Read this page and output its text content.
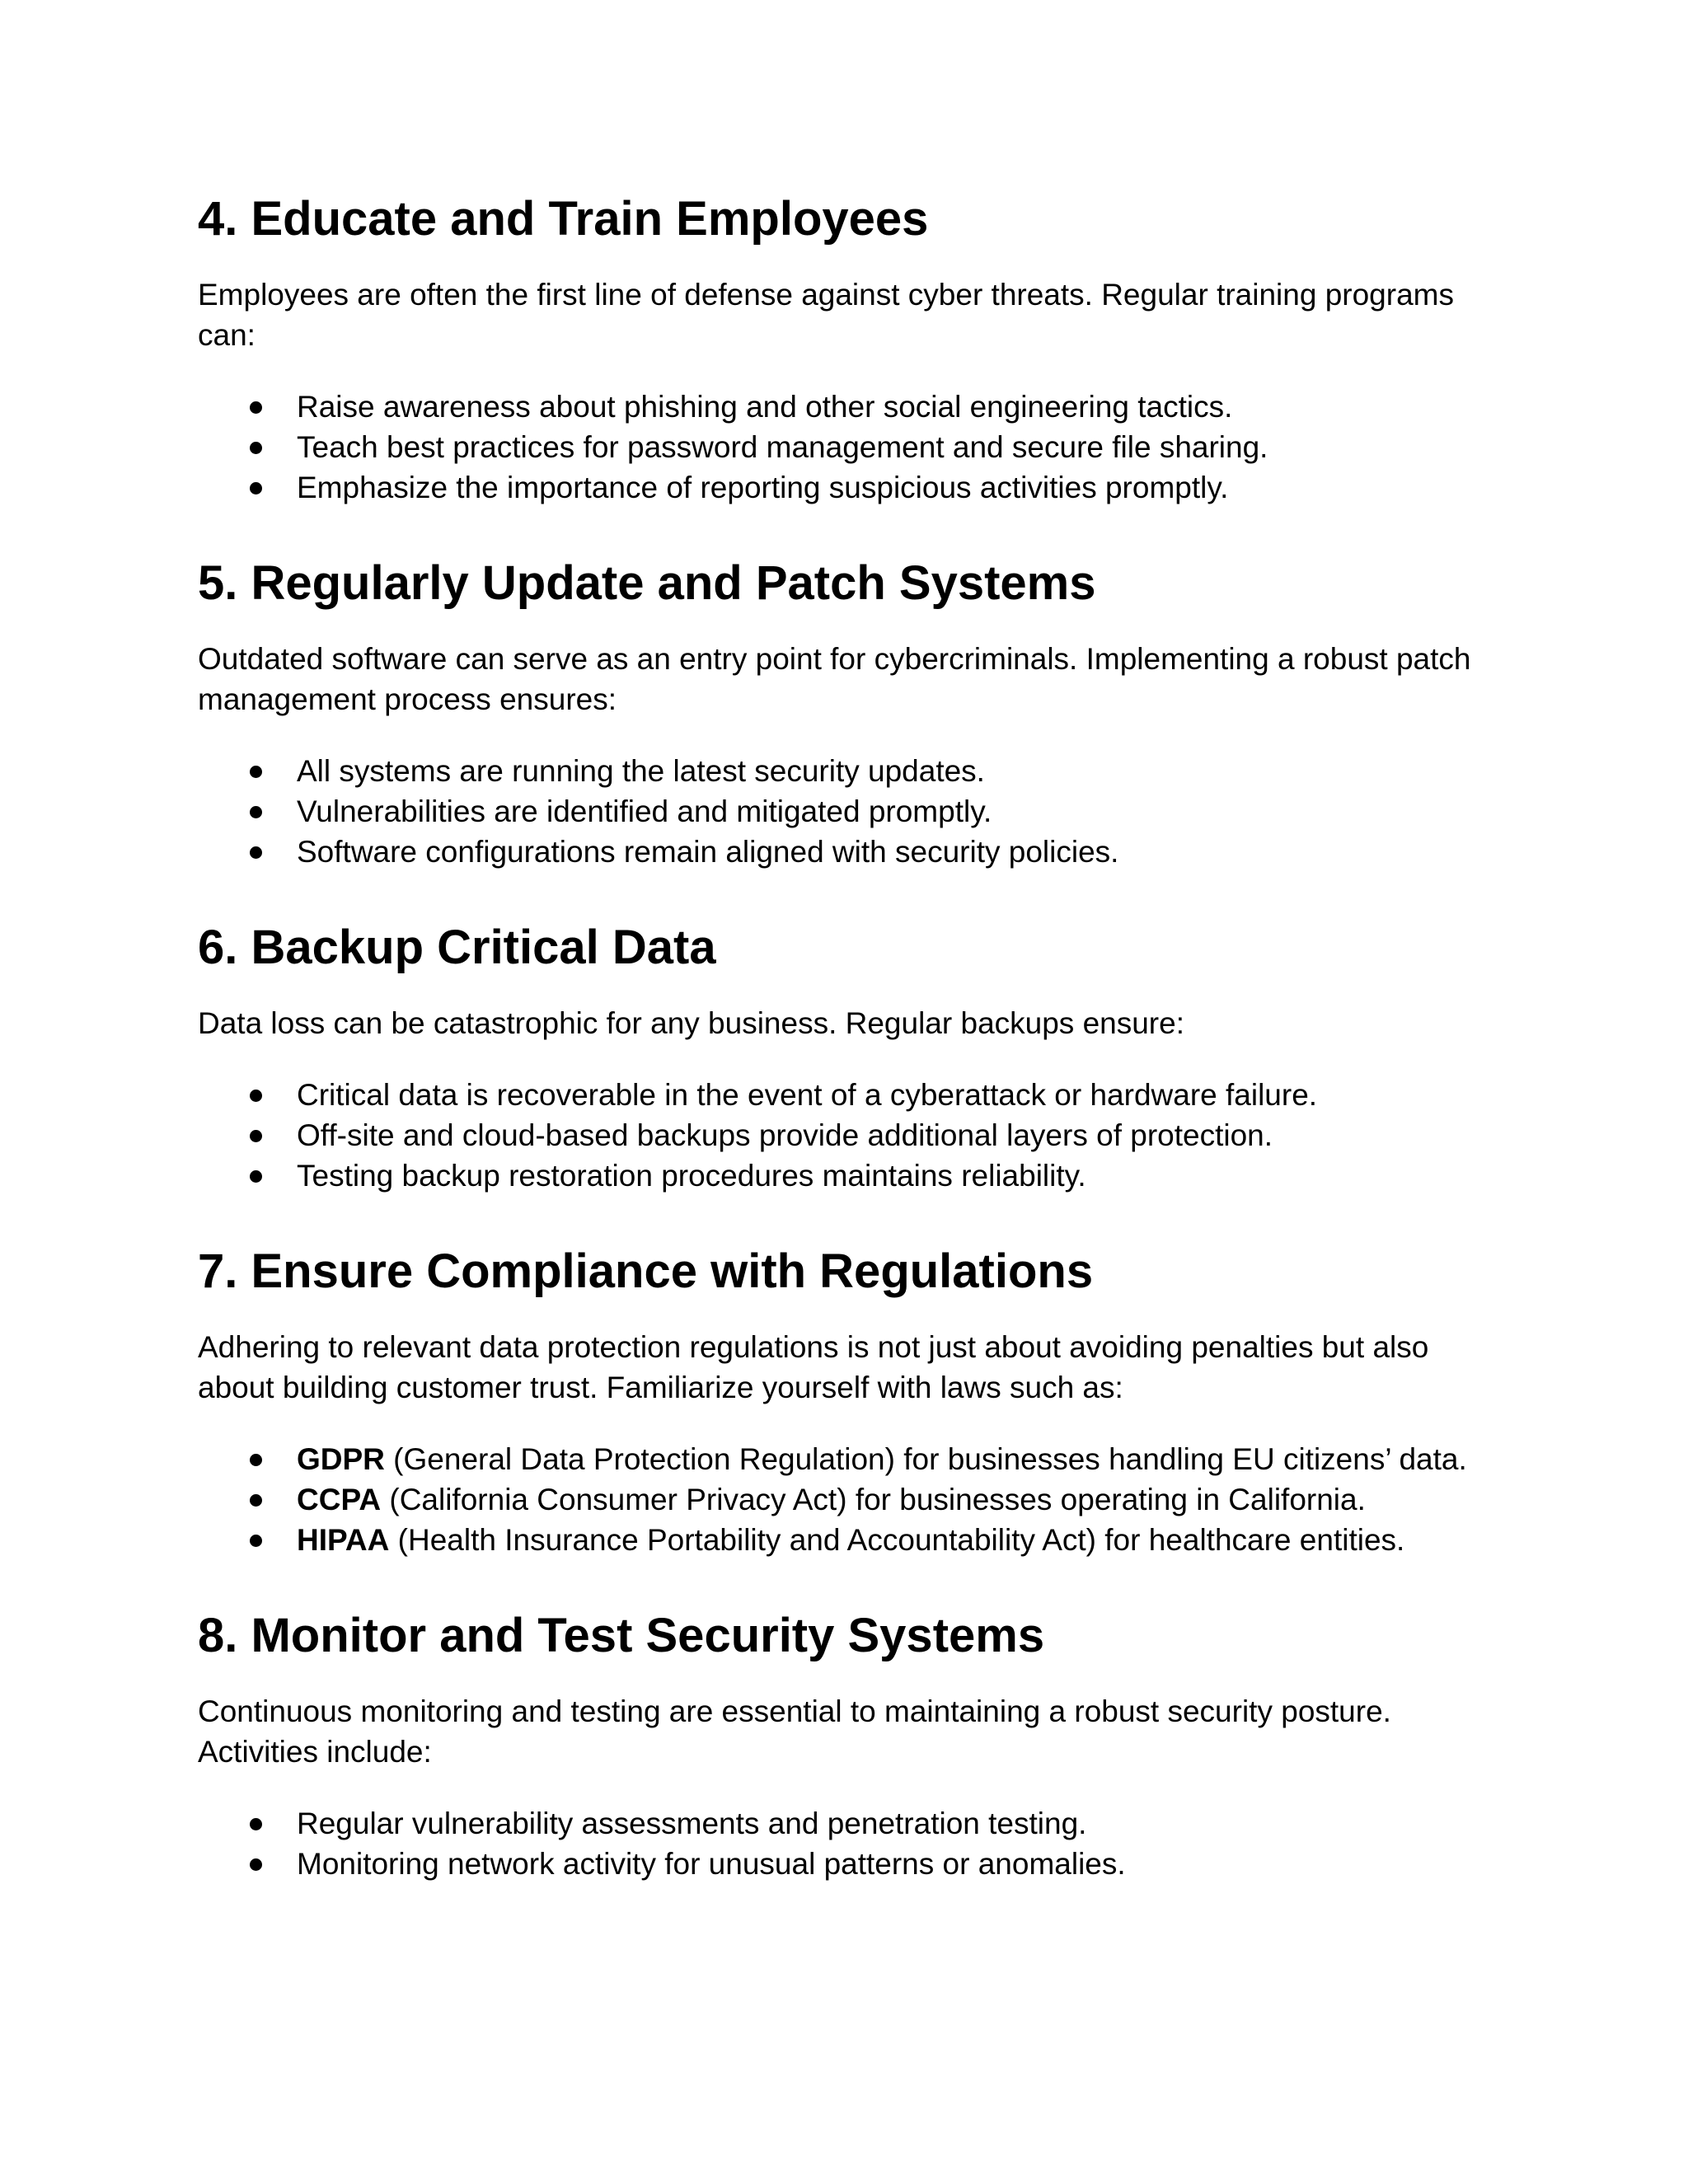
4. Educate and Train Employees

Employees are often the first line of defense against cyber threats. Regular training programs can:

Raise awareness about phishing and other social engineering tactics.
Teach best practices for password management and secure file sharing.
Emphasize the importance of reporting suspicious activities promptly.
5. Regularly Update and Patch Systems

Outdated software can serve as an entry point for cybercriminals. Implementing a robust patch management process ensures:

All systems are running the latest security updates.
Vulnerabilities are identified and mitigated promptly.
Software configurations remain aligned with security policies.
6. Backup Critical Data

Data loss can be catastrophic for any business. Regular backups ensure:

Critical data is recoverable in the event of a cyberattack or hardware failure.
Off-site and cloud-based backups provide additional layers of protection.
Testing backup restoration procedures maintains reliability.
7. Ensure Compliance with Regulations

Adhering to relevant data protection regulations is not just about avoiding penalties but also about building customer trust. Familiarize yourself with laws such as:

GDPR (General Data Protection Regulation) for businesses handling EU citizens’ data.
CCPA (California Consumer Privacy Act) for businesses operating in California.
HIPAA (Health Insurance Portability and Accountability Act) for healthcare entities.
8. Monitor and Test Security Systems

Continuous monitoring and testing are essential to maintaining a robust security posture. Activities include:

Regular vulnerability assessments and penetration testing.
Monitoring network activity for unusual patterns or anomalies.
